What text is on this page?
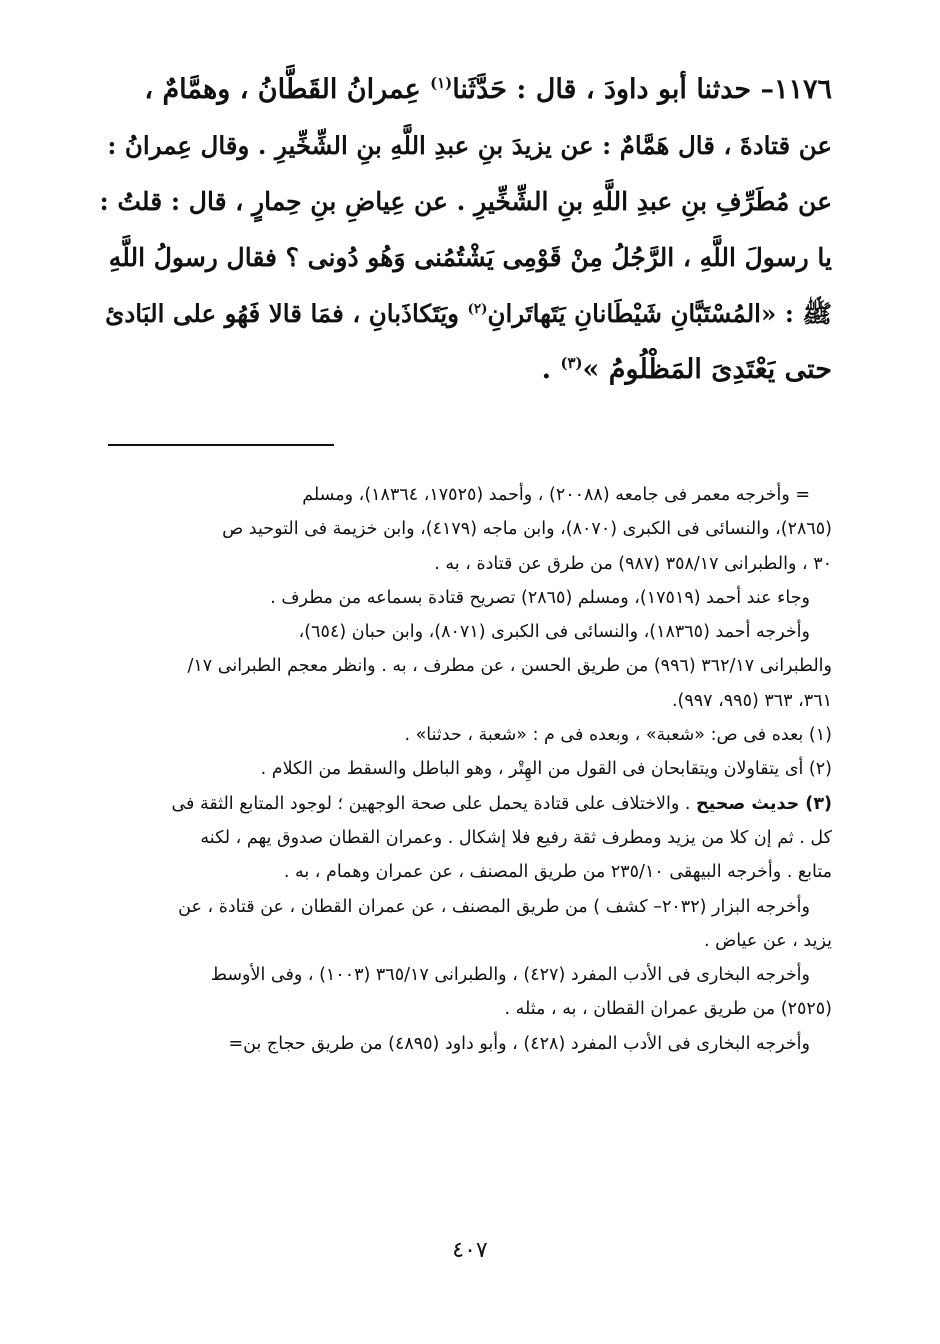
١١٧٦– حدثنا أبو داودَ ، قال : حَدَّثَنا$^{(١)}$ عِمرانُ القَطَّانُ ، وهمَّامٌ ،
عن قتادةَ ، قال هَمَّامٌ : عن يزيدَ بنِ عبدِ اللَّهِ بنِ الشِّخِّيرِ . وقال عِمرانُ :
عن مُطَرِّفِ بنِ عبدِ اللَّهِ بنِ الشِّخِّيرِ . عن عِياضِ بنِ حِمارٍ ، قال : قلتُ :
يا رسولَ اللَّهِ ، الرَّجُلُ مِنْ قَوْمِى يَشْتُمُنى وَهُو دُونى ؟ فقال رسولُ اللَّهِ
ﷺ : «المُسْتَبَّانِ شَيْطَانانِ يَتَهاتَرانِ$^{(٢)}$ ويَتَكاذَبانِ ، فمَا قالا فَهُو على البَادئ
حتى يَعْتَدِىَ المَظْلُومُ »$^{(٣)}$ .
= وأخرجه معمر فى جامعه (٢٠٠٨٨) ، وأحمد (١٧٥٢٥، ١٨٣٦٤)، ومسلم
(٢٨٦٥)، والنسائى فى الكبرى (٨٠٧٠)، وابن ماجه (٤١٧٩)، وابن خزيمة فى التوحيد ص
٣٠ ، والطبرانى ٣٥٨/١٧ (٩٨٧) من طرق عن قتادة ، به .
وجاء عند أحمد (١٧٥١٩)، ومسلم (٢٨٦٥) تصريح قتادة بسماعه من مطرف .
وأخرجه أحمد (١٨٣٦٥)، والنسائى فى الكبرى (٨٠٧١)، وابن حبان (٦٥٤)،
والطبرانى ٣٦٢/١٧ (٩٩٦) من طريق الحسن ، عن مطرف ، به . وانظر معجم الطبرانى ١٧/
٣٦١، ٣٦٣ (٩٩٥، ٩٩٧).
(١) بعده فى ص: «شعبة» ، وبعده فى م : «شعبة ، حدثنا» .
(٢) أى يتقاولان ويتقابحان فى القول من الهِتْر ، وهو الباطل والسقط من الكلام .
(٣) حديث صحيح . والاختلاف على قتادة يحمل على صحة الوجهين ؛ لوجود المتابع الثقة فى
كل . ثم إن كلا من يزيد ومطرف ثقة رفيع فلا إشكال . وعمران القطان صدوق يهم ، لكنه
متابع . وأخرجه البيهقى ٢٣٥/١٠ من طريق المصنف ، عن عمران وهمام ، به .
وأخرجه البزار (٢٠٣٢– كشف ) من طريق المصنف ، عن عمران القطان ، عن قتادة ، عن
يزيد ، عن عياض .
وأخرجه البخارى فى الأدب المفرد (٤٢٧) ، والطبرانى ٣٦٥/١٧ (١٠٠٣) ، وفى الأوسط
(٢٥٢٥) من طريق عمران القطان ، به ، مثله .
وأخرجه البخارى فى الأدب المفرد (٤٢٨) ، وأبو داود (٤٨٩٥) من طريق حجاج بن=
٤٠٧
